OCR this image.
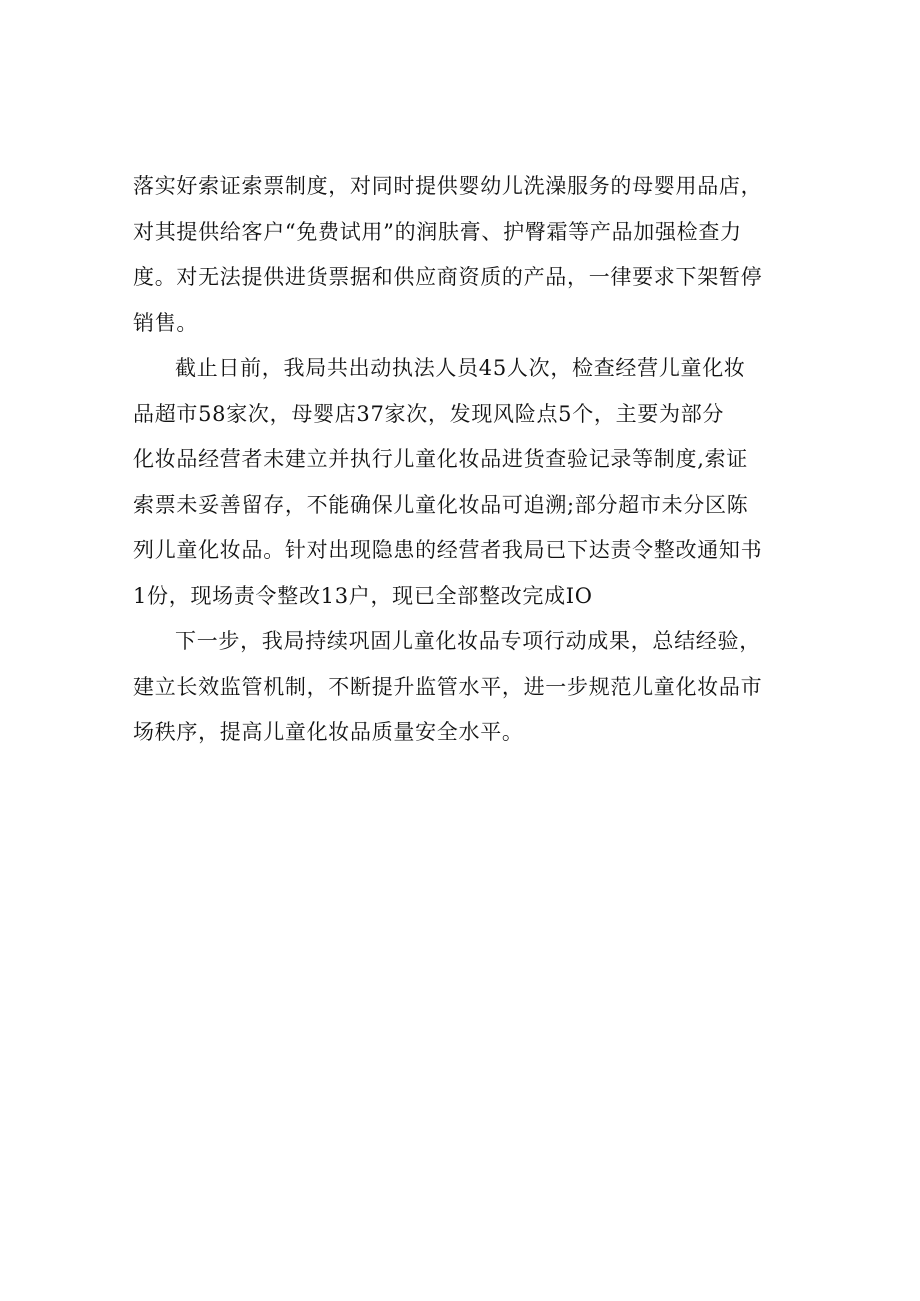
落实好索证索票制度，对同时提供婴幼儿洗澡服务的母婴用品店，
对其提供给客户“免费试用”的润肤膏、护臀霜等产品加强检查力
度。对无法提供进货票据和供应商资质的产品，一律要求下架暂停
销售。
截止日前，我局共出动执法人员45人次，检查经营儿童化妆
品超市58家次，母婴店37家次，发现风险点5个，主要为部分
化妆品经营者未建立并执行儿童化妆品进货查验记录等制度,索证
索票未妥善留存，不能确保儿童化妆品可追溯;部分超市未分区陈
列儿童化妆品。针对出现隐患的经营者我局已下达责令整改通知书
1份，现场责令整改13户，现已全部整改完成IO
下一步，我局持续巩固儿童化妆品专项行动成果，总结经验，
建立长效监管机制，不断提升监管水平，进一步规范儿童化妆品市
场秩序，提高儿童化妆品质量安全水平。
